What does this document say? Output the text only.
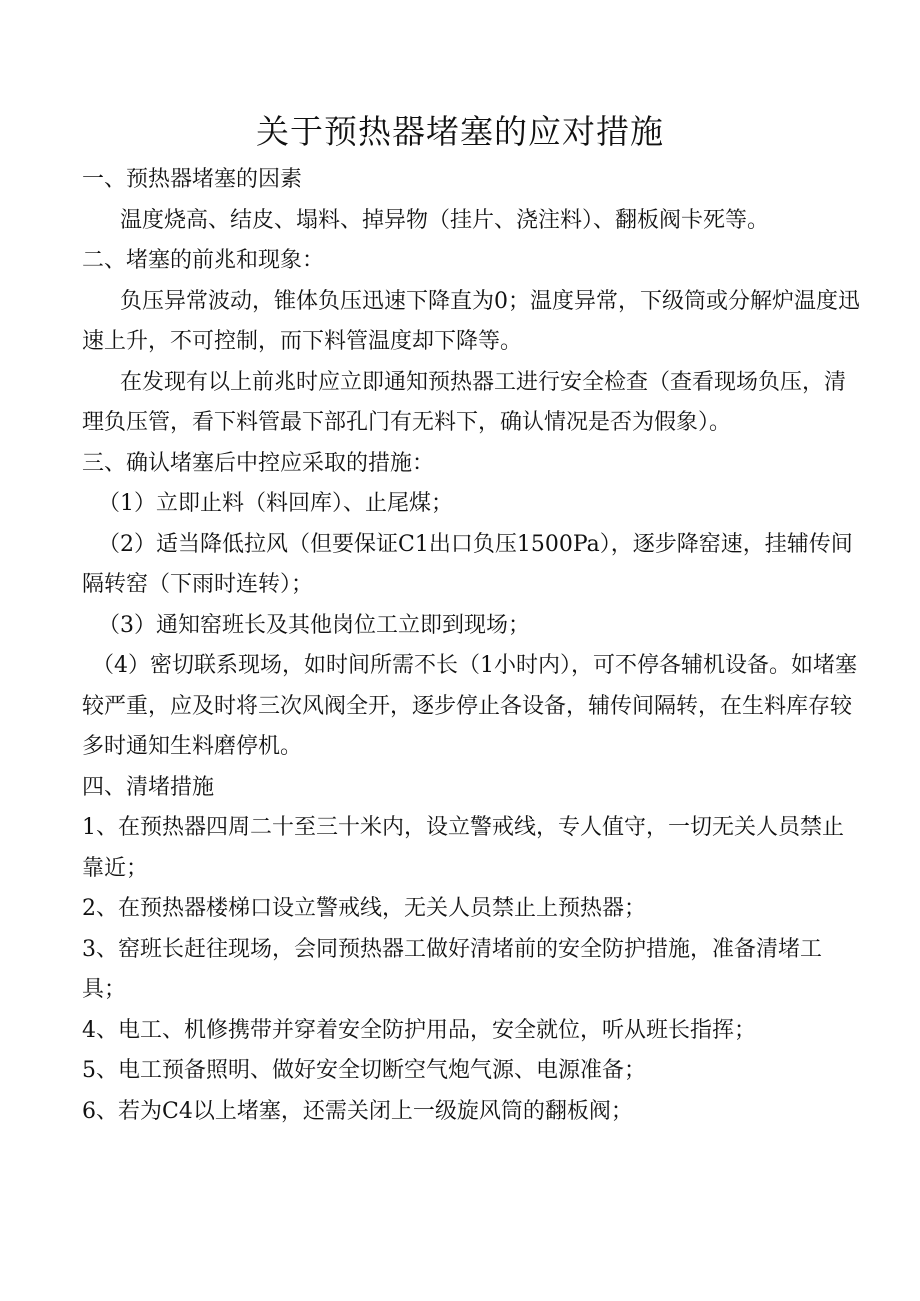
关于预热器堵塞的应对措施

一、预热器堵塞的因素

温度烧高、结皮、塌料、掉异物（挂片、浇注料）、翻板阀卡死等。

二、堵塞的前兆和现象：

负压异常波动，锥体负压迅速下降直为0；温度异常，下级筒或分解炉温度迅速上升，不可控制，而下料管温度却下降等。

在发现有以上前兆时应立即通知预热器工进行安全检查（查看现场负压，清理负压管，看下料管最下部孔门有无料下，确认情况是否为假象）。

三、确认堵塞后中控应采取的措施：

（1）立即止料（料回库）、止尾煤；

（2）适当降低拉风（但要保证C1出口负压1500Pa），逐步降窑速，挂辅传间隔转窑（下雨时连转）；

（3）通知窑班长及其他岗位工立即到现场；

（4）密切联系现场，如时间所需不长（1小时内），可不停各辅机设备。如堵塞较严重，应及时将三次风阀全开，逐步停止各设备，辅传间隔转，在生料库存较多时通知生料磨停机。

四、清堵措施

1、在预热器四周二十至三十米内，设立警戒线，专人值守，一切无关人员禁止靠近；

2、在预热器楼梯口设立警戒线，无关人员禁止上预热器；

3、窑班长赶往现场，会同预热器工做好清堵前的安全防护措施，准备清堵工具；

4、电工、机修携带并穿着安全防护用品，安全就位，听从班长指挥；

5、电工预备照明、做好安全切断空气炮气源、电源准备；

6、若为C4以上堵塞，还需关闭上一级旋风筒的翻板阀；
